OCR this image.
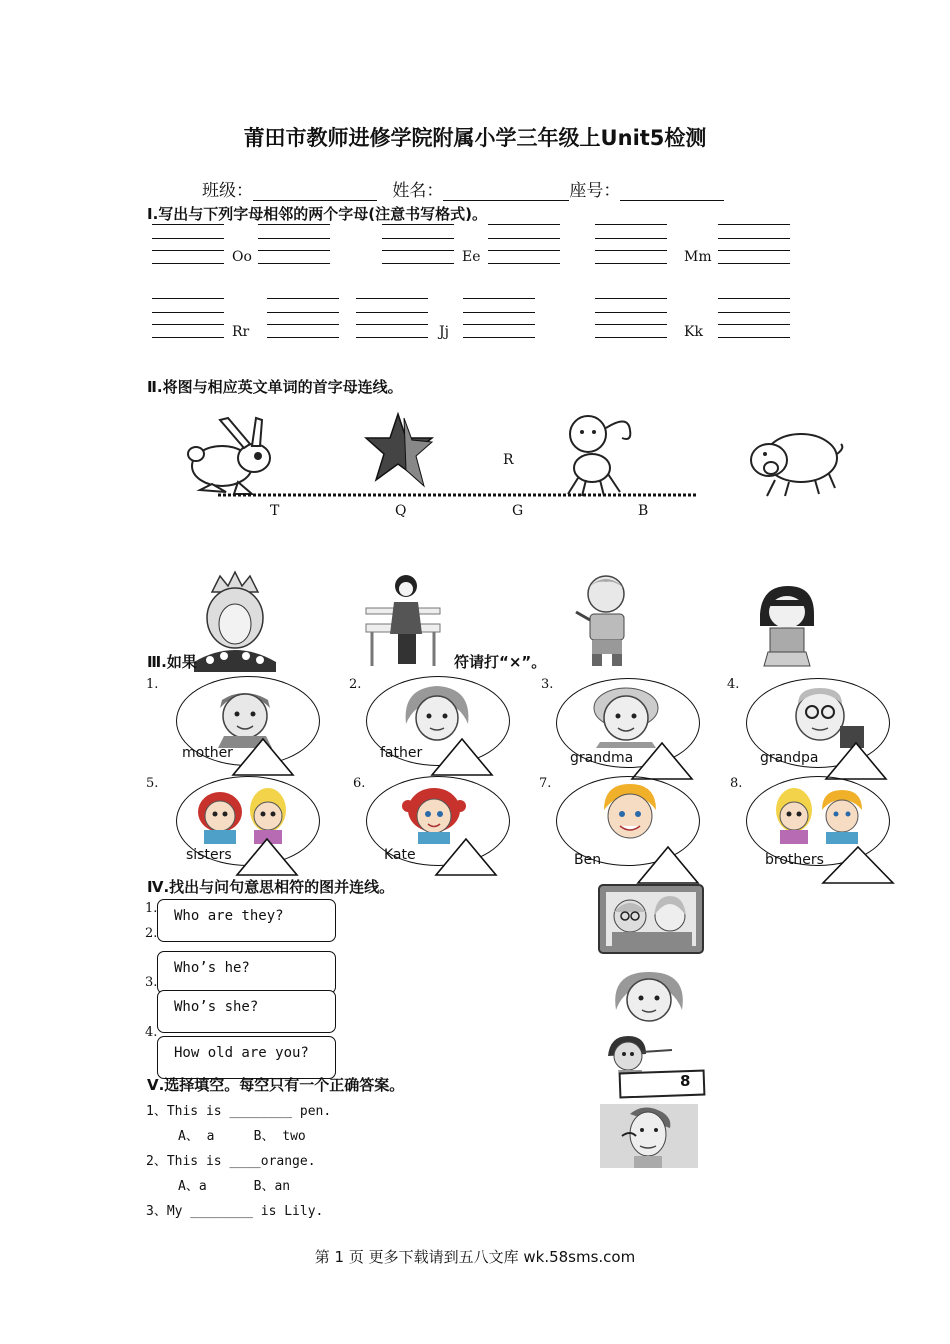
莆田市教师进修学院附属小学三年级上Unit5检测
班级：	姓名：	座号：
Ⅰ.写出与下列字母相邻的两个字母(注意书写格式)。
Oo	Ee	Mm
Rr	Jj	Kk
Ⅱ.将图与相应英文单词的首字母连线。
R
T	Q	G	B
Ⅲ.如果	符请打“×”。
1.
mother
2.
father
3.
grandma
4.
grandpa
5.
sisters
6.
Kate
7.
Ben
8.
brothers
Ⅳ.找出与问句意思相符的图并连线。
1.
2.
3.
4.
Who are they?
Who’s he?
Who’s she?
How old are you?
8
Ⅴ.选择填空。每空只有一个正确答案。
1、This is ________ pen.
A、 a     B、 two
2、This is ____orange.
A、a      B、an
3、My ________ is Lily.
第 1 页 更多下载请到五八文库 wk.58sms.com
